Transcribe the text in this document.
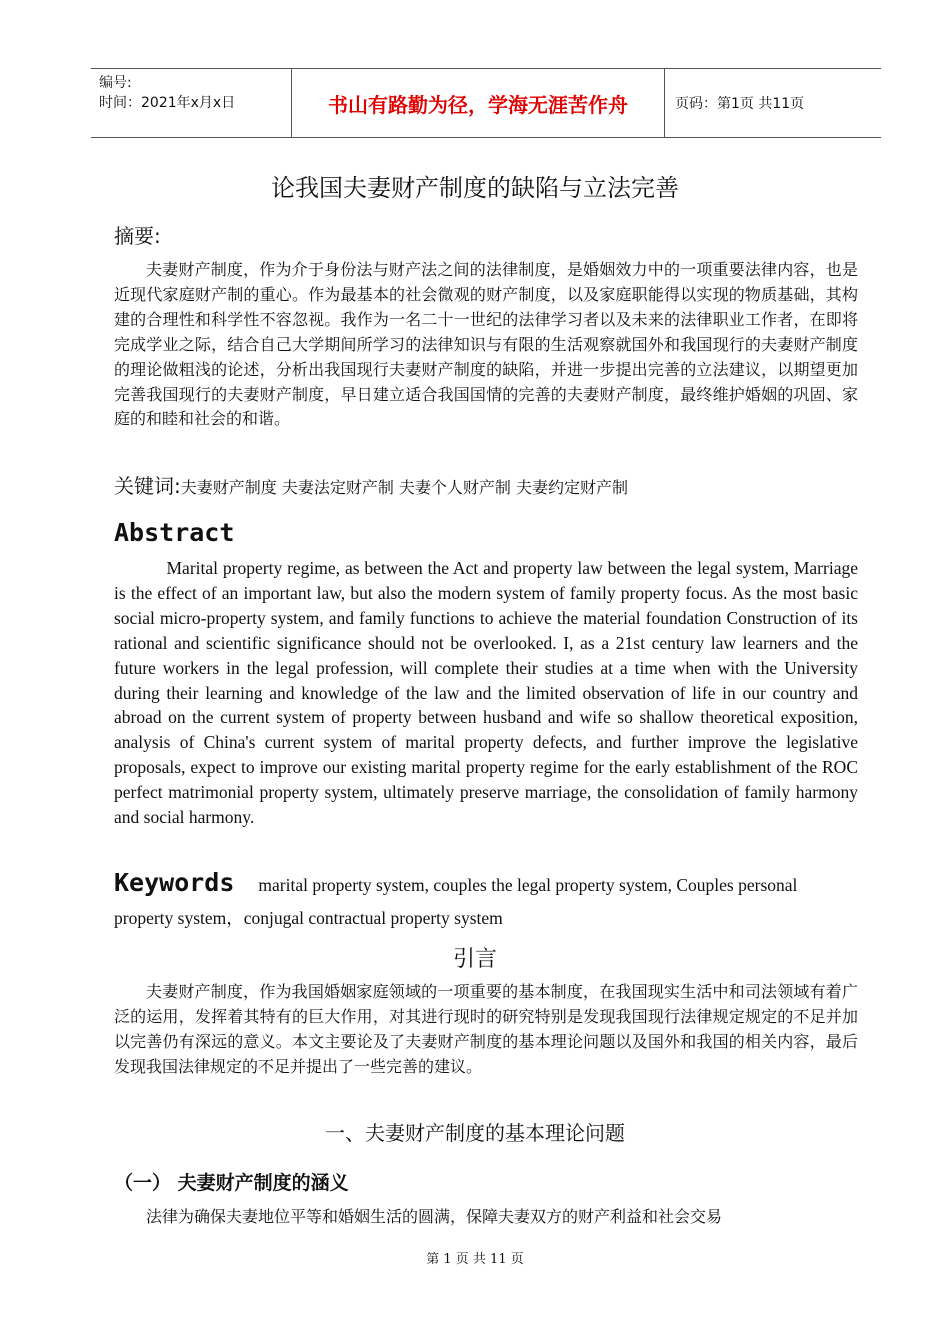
编号:
时间：2021年x月x日	书山有路勤为径，学海无涯苦作舟	页码：第1页 共11页
论我国夫妻财产制度的缺陷与立法完善
摘要:
夫妻财产制度，作为介于身份法与财产法之间的法律制度，是婚姻效力中的一项重要法律内容，也是近现代家庭财产制的重心。作为最基本的社会微观的财产制度，以及家庭职能得以实现的物质基础，其构建的合理性和科学性不容忽视。我作为一名二十一世纪的法律学习者以及未来的法律职业工作者，在即将完成学业之际，结合自己大学期间所学习的法律知识与有限的生活观察就国外和我国现行的夫妻财产制度的理论做粗浅的论述，分析出我国现行夫妻财产制度的缺陷，并进一步提出完善的立法建议，以期望更加完善我国现行的夫妻财产制度，早日建立适合我国国情的完善的夫妻财产制度，最终维护婚姻的巩固、家庭的和睦和社会的和谐。
关键词:夫妻财产制度 夫妻法定财产制 夫妻个人财产制 夫妻约定财产制
Abstract
Marital property regime, as between the Act and property law between the legal system, Marriage is the effect of an important law, but also the modern system of family property focus. As the most basic social micro-property system, and family functions to achieve the material foundation Construction of its rational and scientific significance should not be overlooked. I, as a 21st century law learners and the future workers in the legal profession, will complete their studies at a time when with the University during their learning and knowledge of the law and the limited observation of life in our country and abroad on the current system of property between husband and wife so shallow theoretical exposition, analysis of China's current system of marital property defects, and further improve the legislative proposals, expect to improve our existing marital property regime for the early establishment of the ROC perfect matrimonial property system, ultimately preserve marriage, the consolidation of family harmony and social harmony.
Keywords marital property system, couples the legal property system, Couples personal property system，conjugal contractual property system
引言
夫妻财产制度，作为我国婚姻家庭领域的一项重要的基本制度，在我国现实生活中和司法领域有着广泛的运用，发挥着其特有的巨大作用，对其进行现时的研究特别是发现我国现行法律规定规定的不足并加以完善仍有深远的意义。本文主要论及了夫妻财产制度的基本理论问题以及国外和我国的相关内容，最后发现我国法律规定的不足并提出了一些完善的建议。
一、夫妻财产制度的基本理论问题
（一） 夫妻财产制度的涵义
法律为确保夫妻地位平等和婚姻生活的圆满，保障夫妻双方的财产利益和社会交易
第 1 页 共 11 页
